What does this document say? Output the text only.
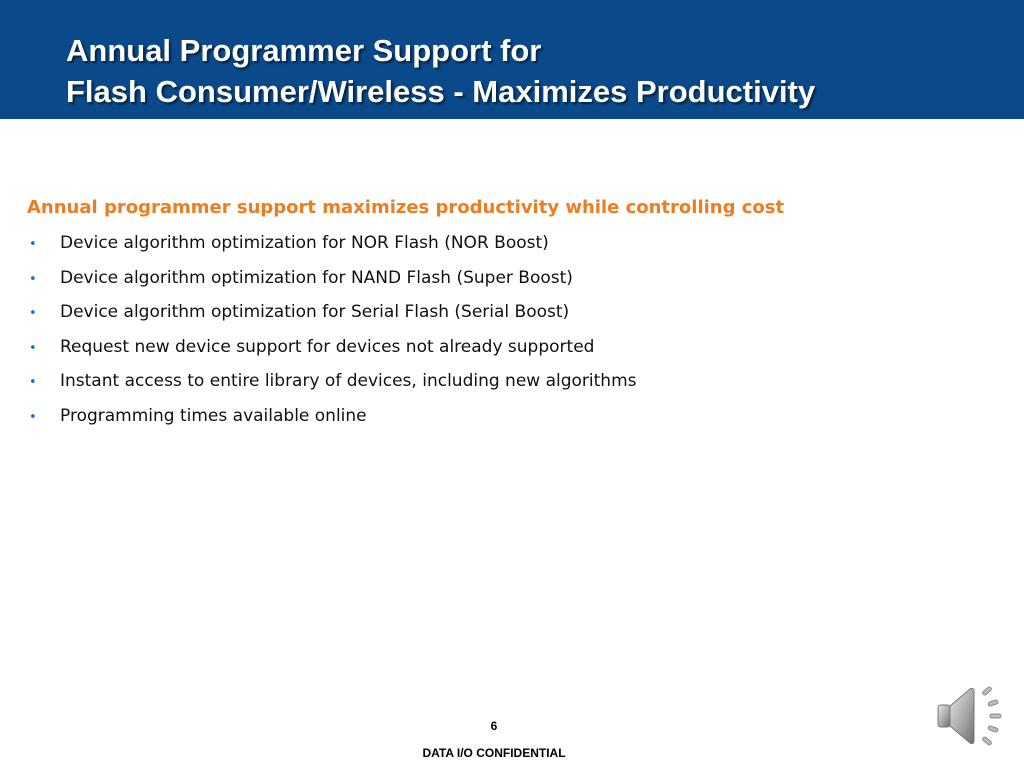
Annual Programmer Support for
Flash Consumer/Wireless - Maximizes Productivity
Annual programmer support maximizes productivity while controlling cost
•	Device algorithm optimization for NOR Flash (NOR Boost)
•	Device algorithm optimization for NAND Flash (Super Boost)
•	Device algorithm optimization for Serial Flash (Serial Boost)
•	Request new device support for devices not already supported
•	Instant access to entire library of devices, including new algorithms
•	Programming times available online
6
DATA I/O CONFIDENTIAL
